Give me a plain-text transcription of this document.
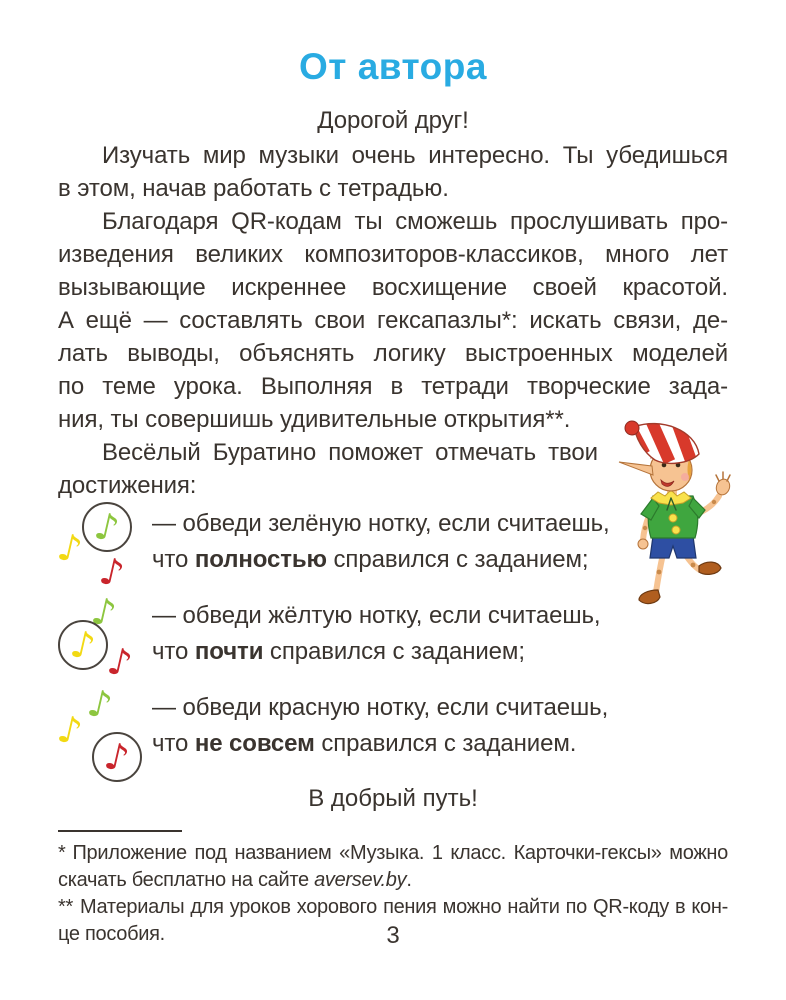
От автора
Дорогой друг!
Изучать мир музыки очень интересно. Ты убедишься
в этом, начав работать с тетрадью.
Благодаря QR-кодам ты сможешь прослушивать про-
изведения великих композиторов-классиков, много лет
вызывающие искреннее восхищение своей красотой.
А ещё — составлять свои гексапазлы*: искать связи, де-
лать выводы, объяснять логику выстроенных моделей
по теме урока. Выполняя в тетради творческие зада-
ния, ты совершишь удивительные открытия**.
Весёлый Буратино поможет отмечать твои
достижения:
♪
♪
♪
— обведи зелёную нотку, если считаешь,
что полностью справился с заданием;
♪
♪ ♪
— обведи жёлтую нотку, если считаешь,
что почти справился с заданием;
♪
♪
♪
— обведи красную нотку, если считаешь,
что не совсем справился с заданием.
В добрый путь!
* Приложение под названием «Музыка. 1 класс. Карточки-гексы» можно
скачать бесплатно на сайте aversev.by.
** Материалы для уроков хорового пения можно найти по QR-коду в кон-
це пособия.	3
